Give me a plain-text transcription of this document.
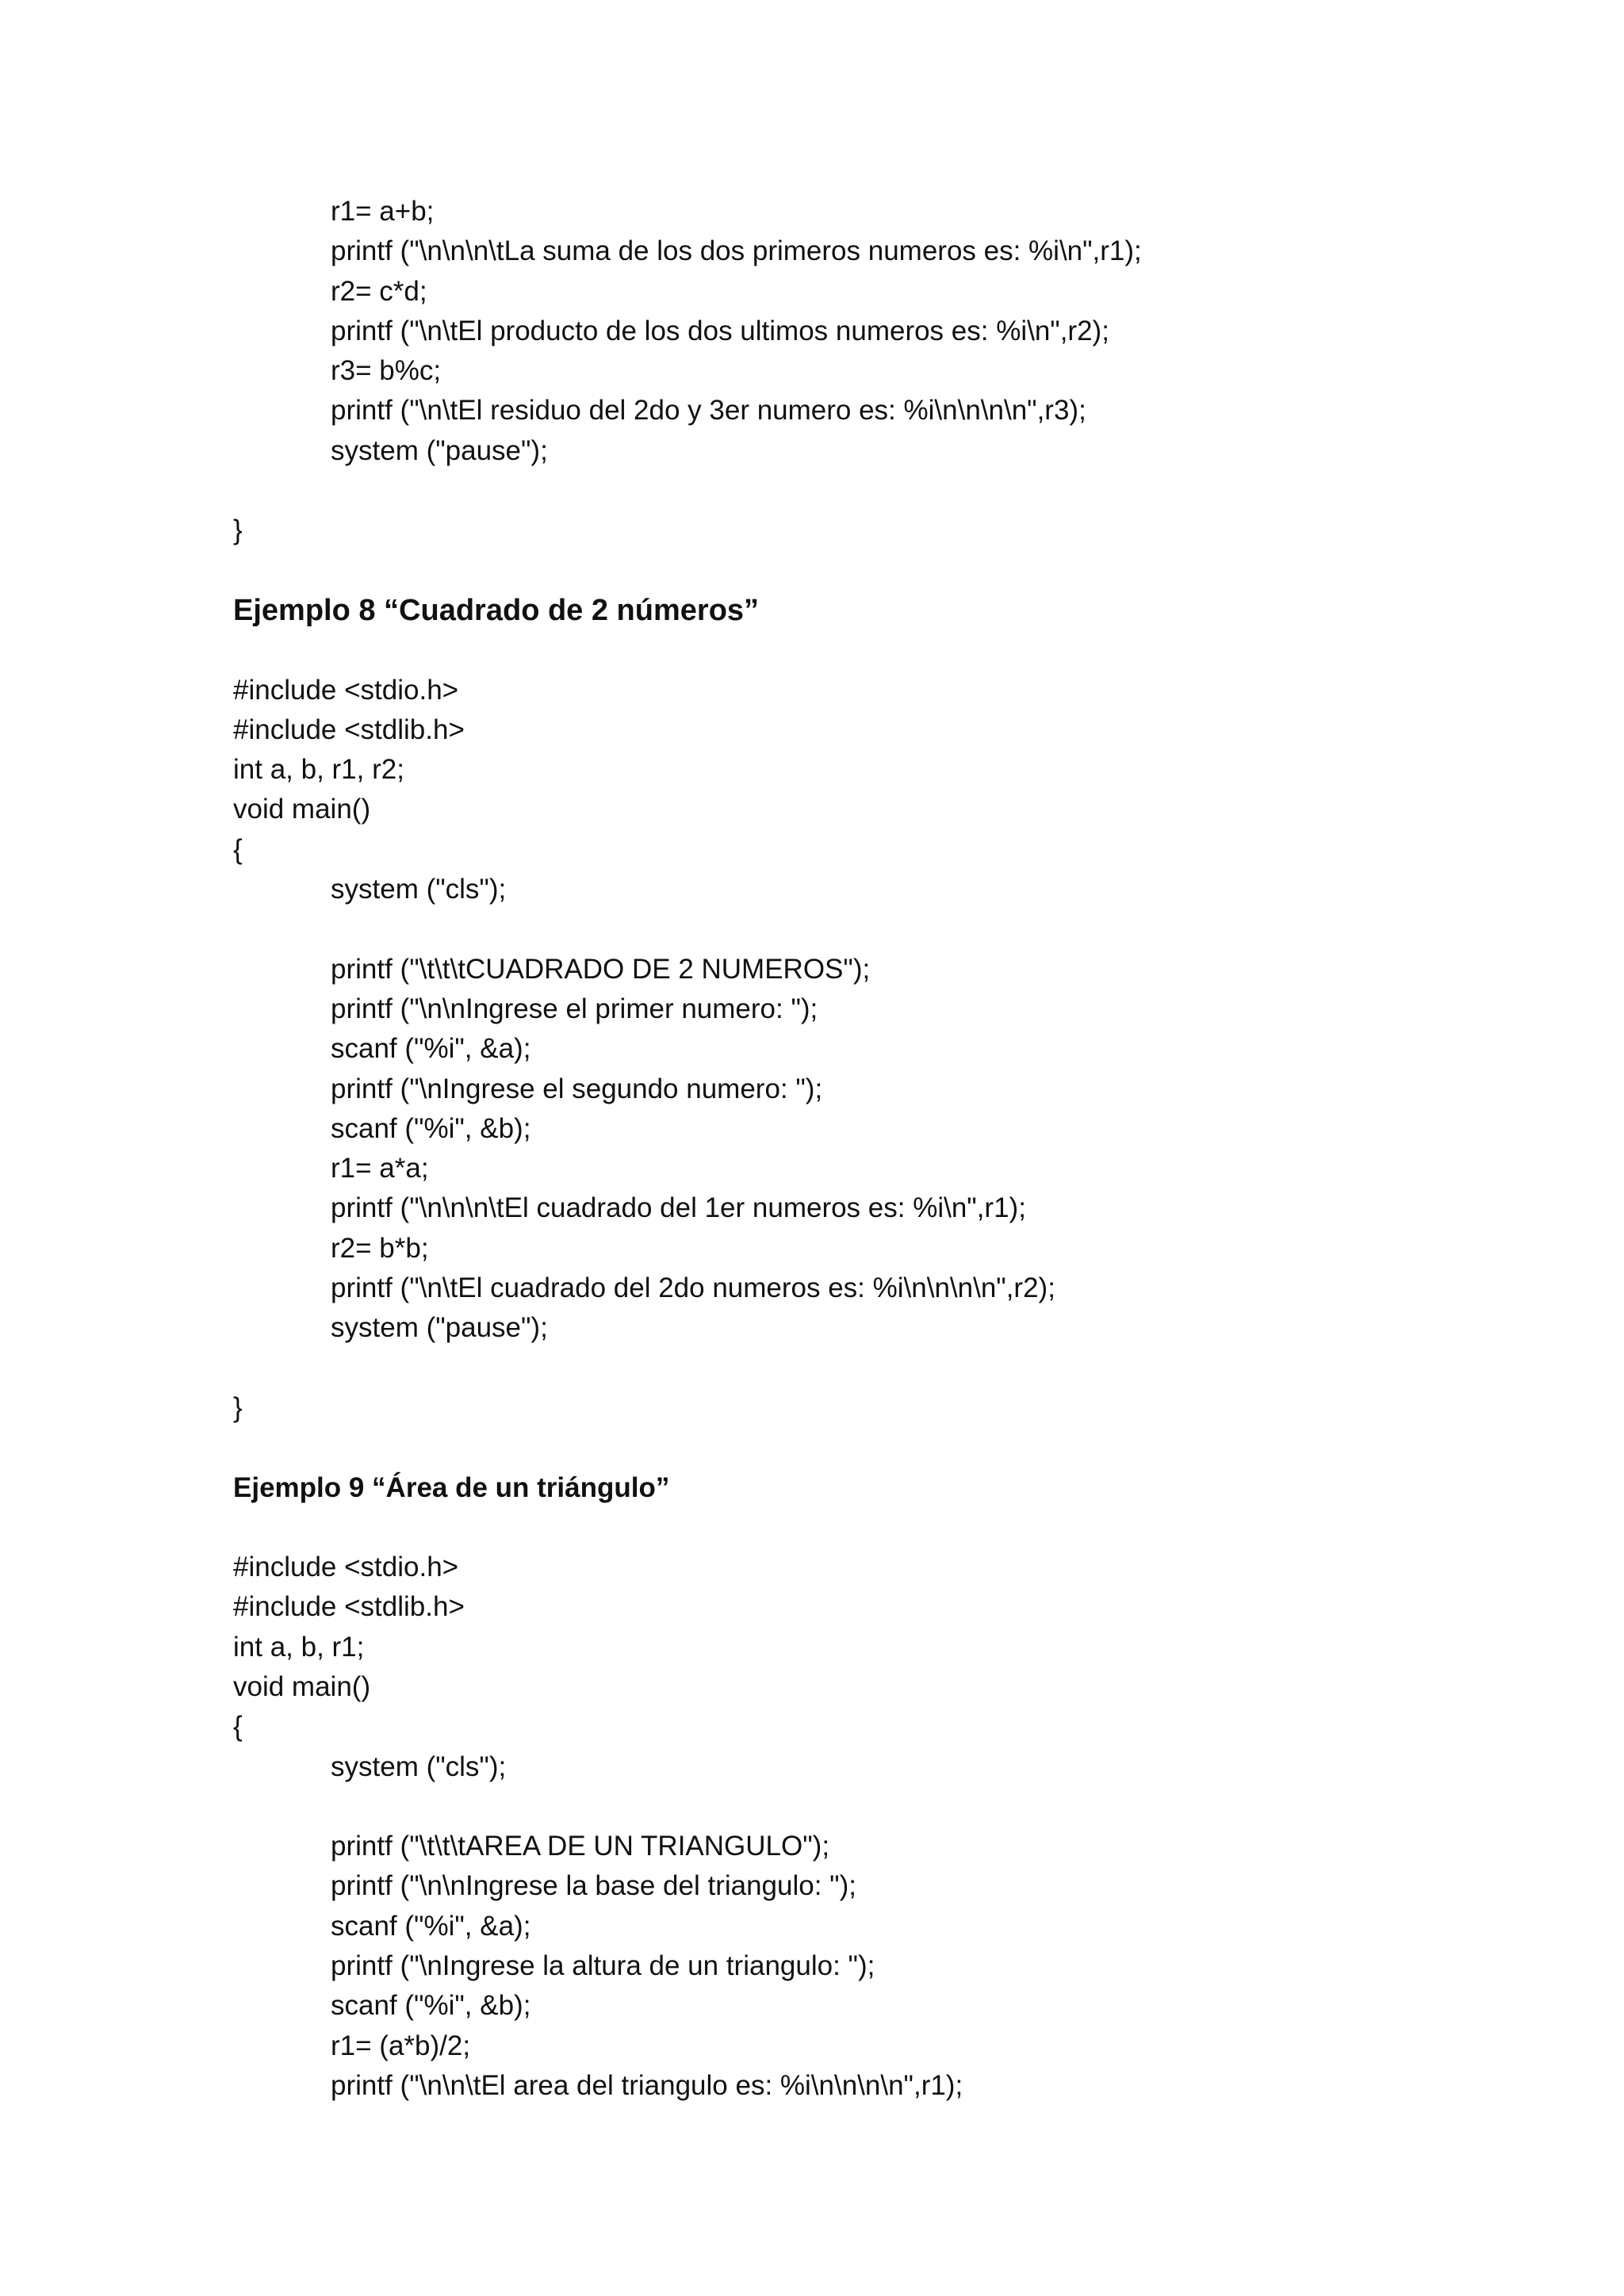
r1= a+b;
printf ("\n\n\n\tLa suma de los dos primeros numeros es: %i\n",r1);
r2= c*d;
printf ("\n\tEl producto de los dos ultimos numeros es: %i\n",r2);
r3= b%c;
printf ("\n\tEl residuo del 2do y 3er numero es: %i\n\n\n\n",r3);
system ("pause");
}
Ejemplo 8 “Cuadrado de 2 números”
#include <stdio.h>
#include <stdlib.h>
int a, b, r1, r2;
void main()
{
system ("cls");
printf ("\t\t\tCUADRADO DE 2 NUMEROS");
printf ("\n\nIngrese el primer numero: ");
scanf ("%i", &a);
printf ("\nIngrese el segundo numero: ");
scanf ("%i", &b);
r1= a*a;
printf ("\n\n\n\tEl cuadrado del 1er numeros es: %i\n",r1);
r2= b*b;
printf ("\n\tEl cuadrado del 2do numeros es: %i\n\n\n\n",r2);
system ("pause");
}
Ejemplo 9 “Área de un triángulo”
#include <stdio.h>
#include <stdlib.h>
int a, b, r1;
void main()
{
system ("cls");
printf ("\t\t\tAREA DE UN TRIANGULO");
printf ("\n\nIngrese la base del triangulo: ");
scanf ("%i", &a);
printf ("\nIngrese la altura de un triangulo: ");
scanf ("%i", &b);
r1= (a*b)/2;
printf ("\n\n\tEl area del triangulo es: %i\n\n\n\n",r1);
